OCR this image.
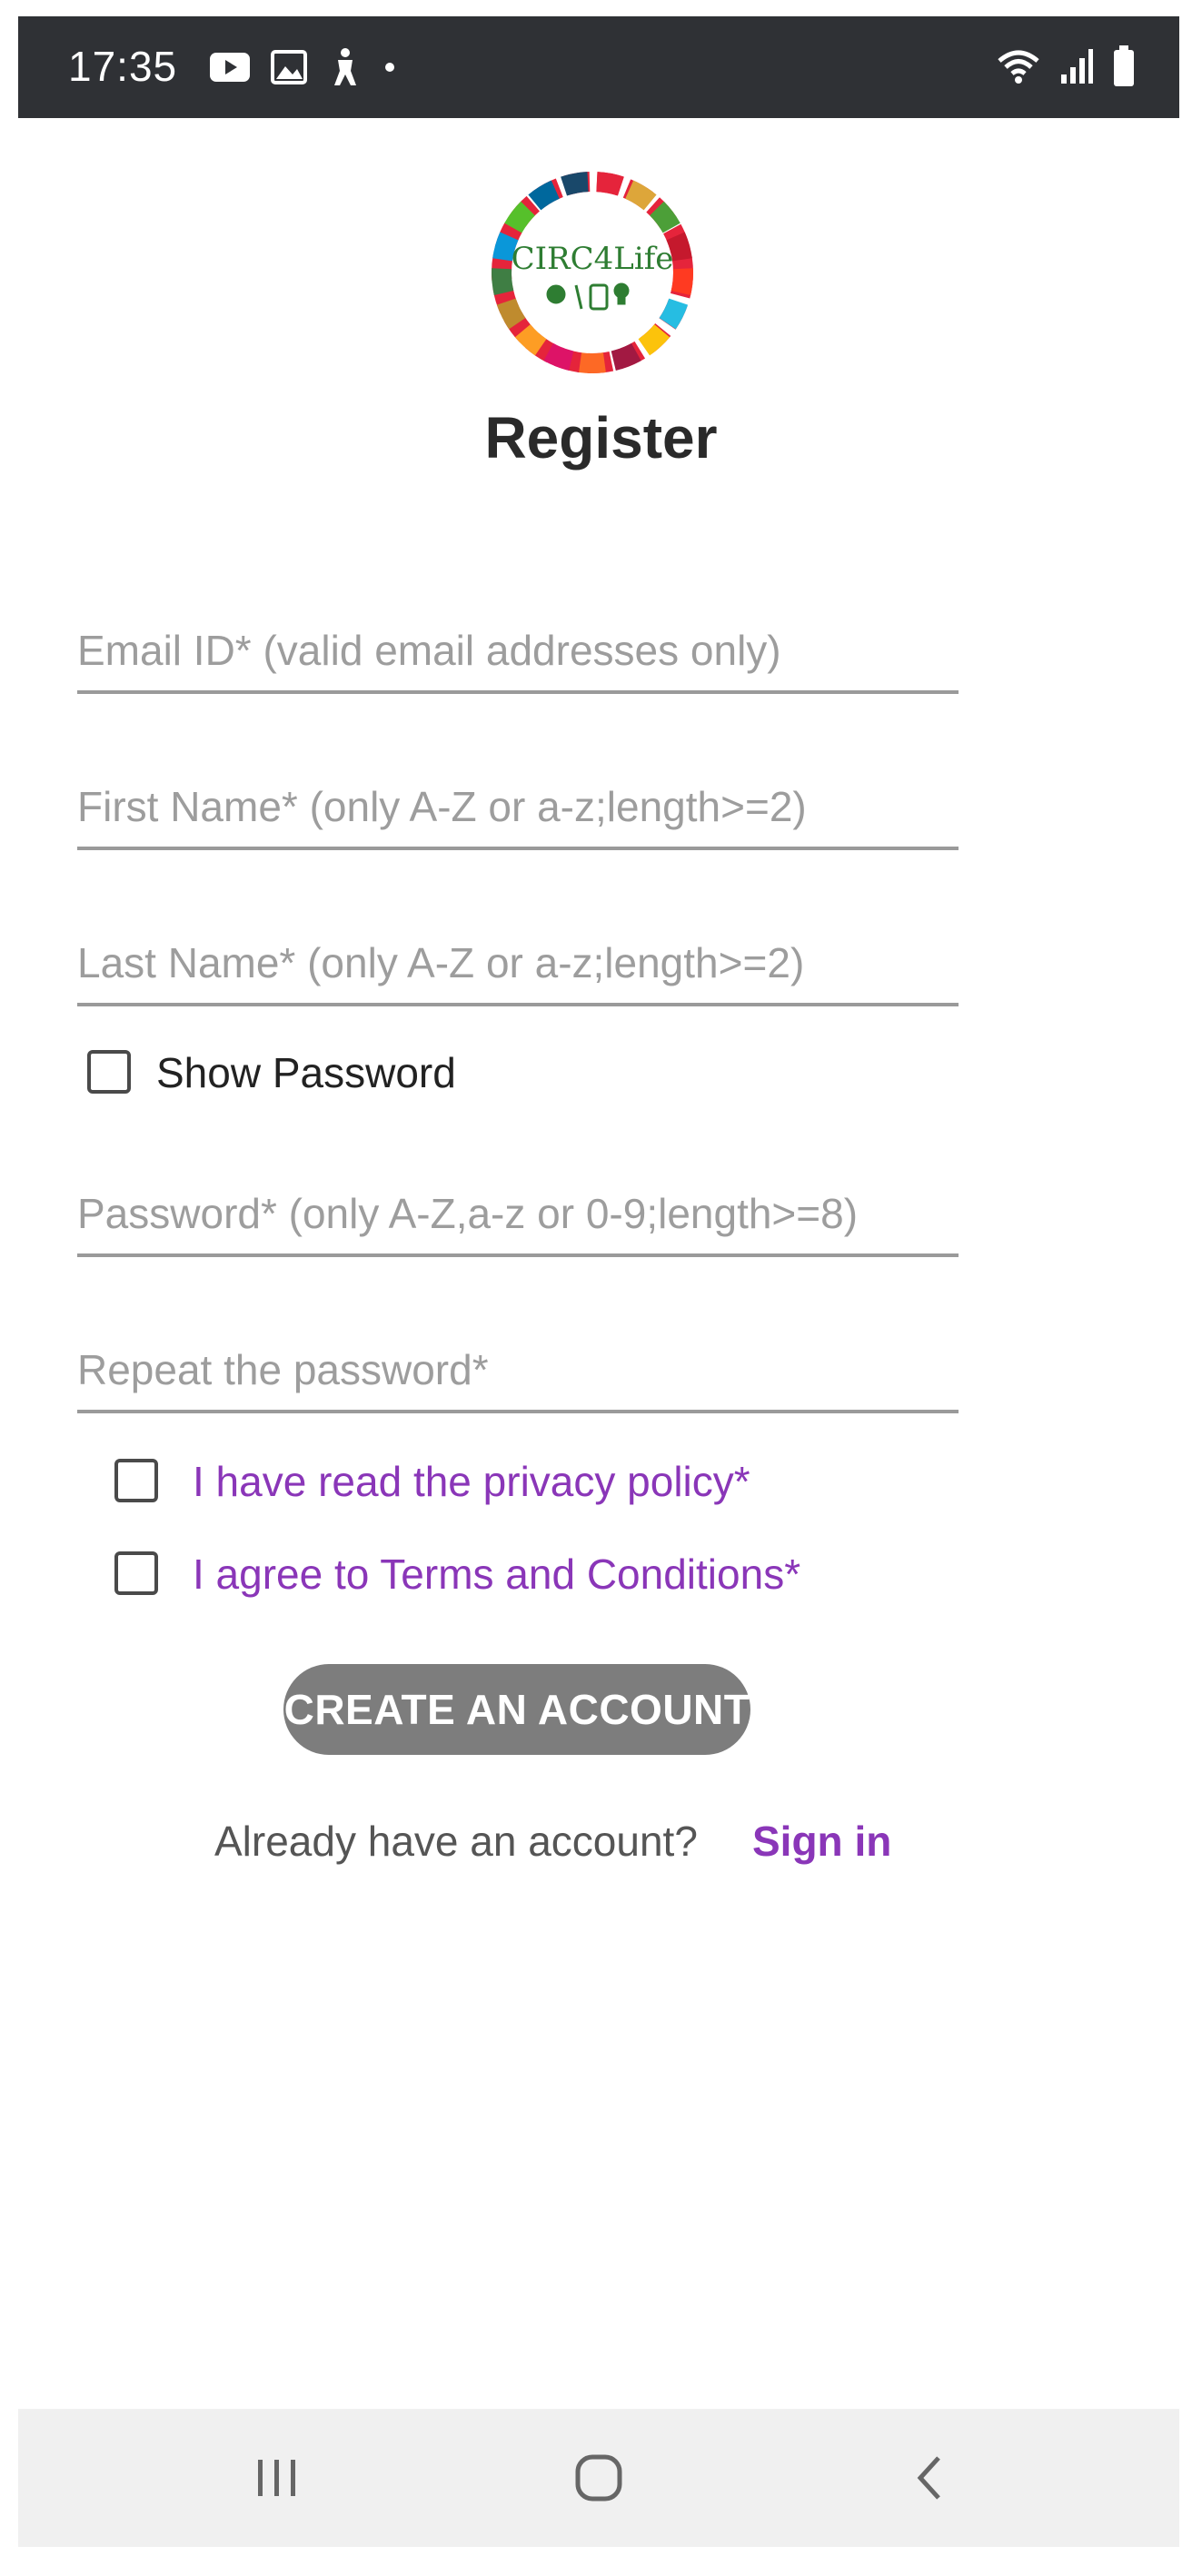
17:35
CIRC4Life
Register
Email ID* (valid email addresses only)
First Name* (only A-Z or a-z;length>=2)
Last Name* (only A-Z or a-z;length>=2)
Show Password
I have read the privacy policy*
I agree to Terms and Conditions*
CREATE AN ACCOUNT
Already have an account? Sign in
